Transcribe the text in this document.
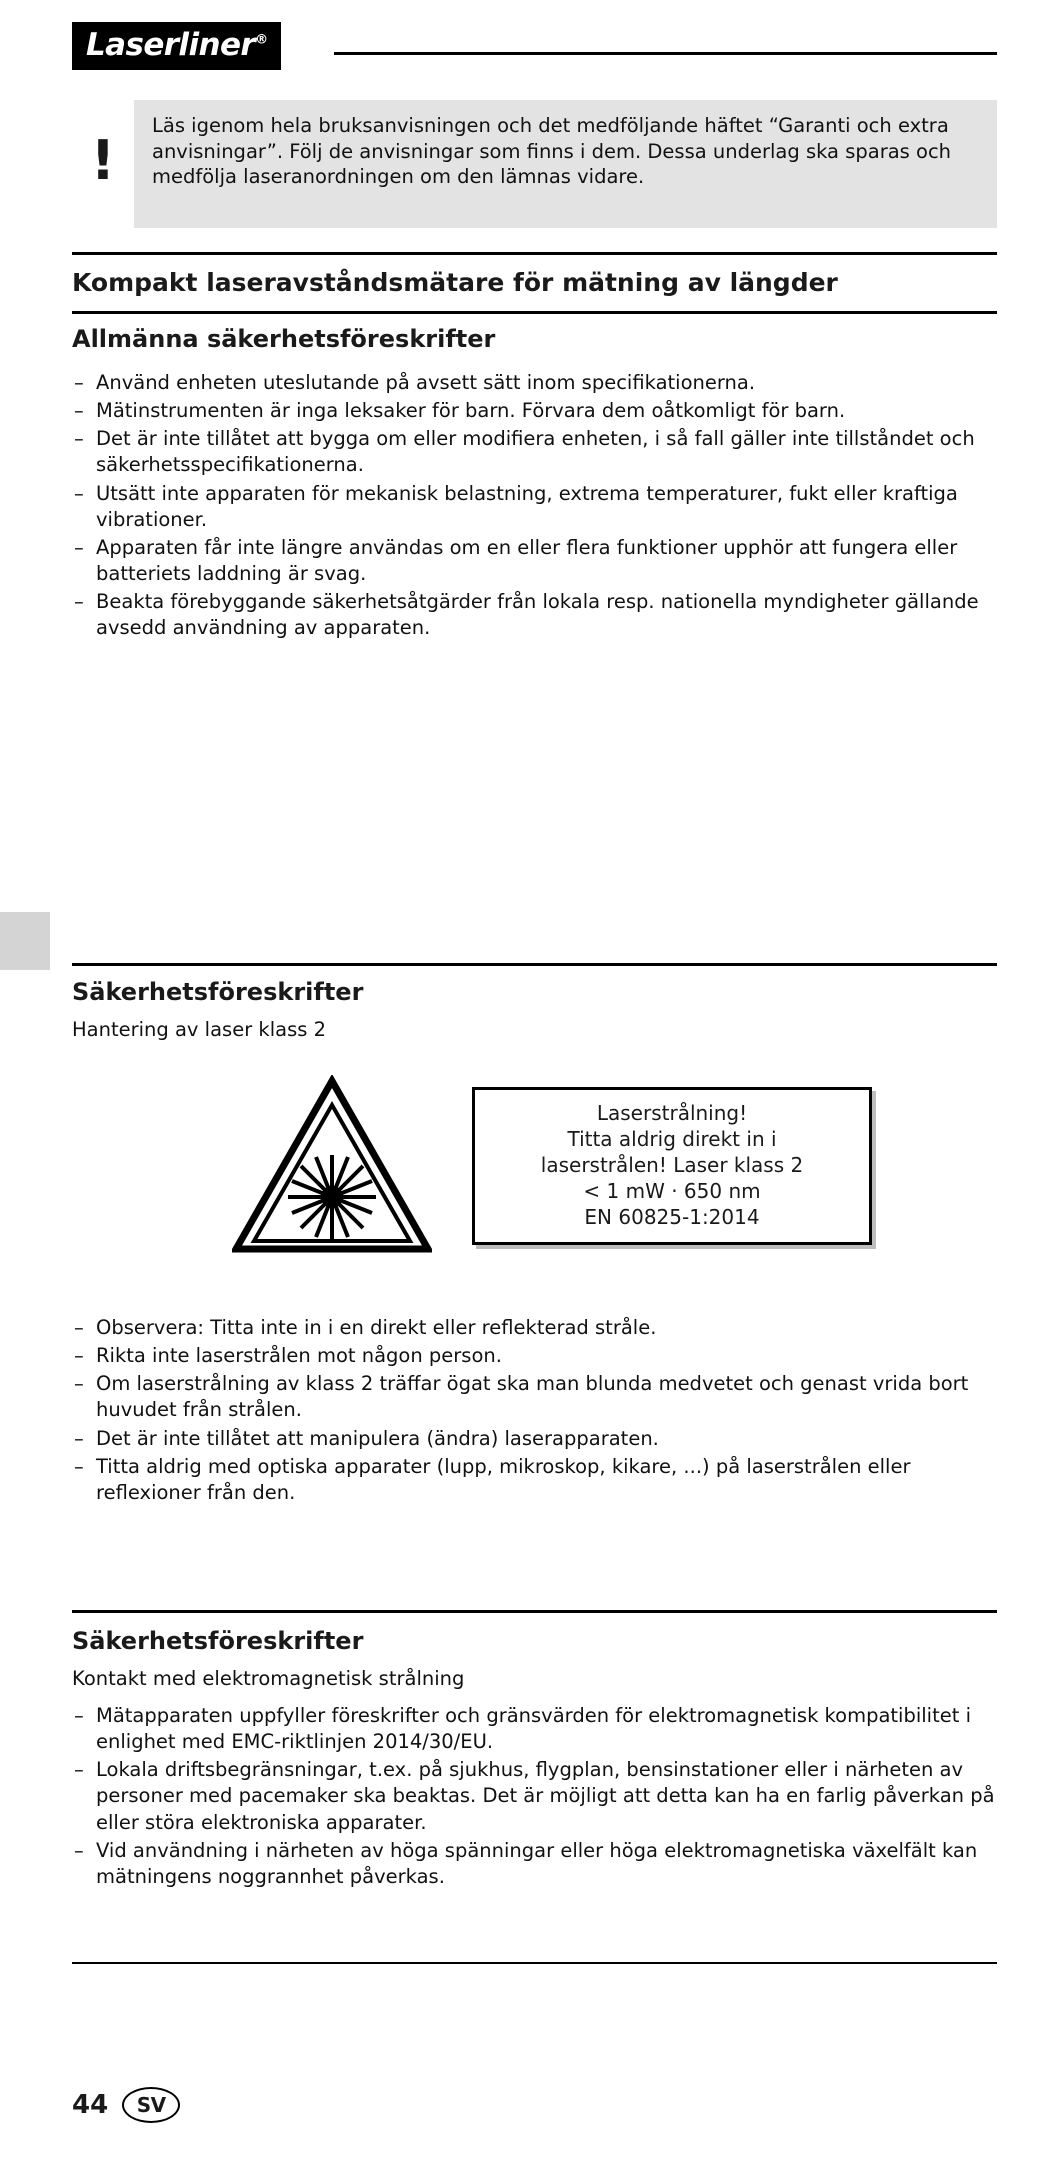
Laserliner®
!
Läs igenom hela bruksanvisningen och det medföljande häftet “Garanti och extra anvisningar”. Följ de anvisningar som finns i dem. Dessa underlag ska sparas och medfölja laseranordningen om den lämnas vidare.
Kompakt laseravståndsmätare för mätning av längder
Allmänna säkerhetsföreskrifter
– Använd enheten uteslutande på avsett sätt inom specifikationerna.
– Mätinstrumenten är inga leksaker för barn. Förvara dem oåtkomligt för barn.
– Det är inte tillåtet att bygga om eller modifiera enheten, i så fall gäller inte tillståndet och säkerhetsspecifikationerna.
– Utsätt inte apparaten för mekanisk belastning, extrema temperaturer, fukt eller kraftiga vibrationer.
– Apparaten får inte längre användas om en eller flera funktioner upphör att fungera eller batteriets laddning är svag.
– Beakta förebyggande säkerhetsåtgärder från lokala resp. nationella myndigheter gällande avsedd användning av apparaten.
Säkerhetsföreskrifter
Hantering av laser klass 2
Laserstrålning!
Titta aldrig direkt in i
laserstrålen! Laser klass 2
< 1 mW · 650 nm
EN 60825-1:2014
– Observera: Titta inte in i en direkt eller reflekterad stråle.
– Rikta inte laserstrålen mot någon person.
– Om laserstrålning av klass 2 träffar ögat ska man blunda medvetet och genast vrida bort huvudet från strålen.
– Det är inte tillåtet att manipulera (ändra) laserapparaten.
– Titta aldrig med optiska apparater (lupp, mikroskop, kikare, ...) på laserstrålen eller reflexioner från den.
Säkerhetsföreskrifter
Kontakt med elektromagnetisk strålning
– Mätapparaten uppfyller föreskrifter och gränsvärden för elektromagnetisk kompatibilitet i enlighet med EMC-riktlinjen 2014/30/EU.
– Lokala driftsbegränsningar, t.ex. på sjukhus, flygplan, bensinstationer eller i närheten av personer med pacemaker ska beaktas. Det är möjligt att detta kan ha en farlig påverkan på eller störa elektroniska apparater.
– Vid användning i närheten av höga spänningar eller höga elektromagnetiska växelfält kan mätningens noggrannhet påverkas.
44	SV
